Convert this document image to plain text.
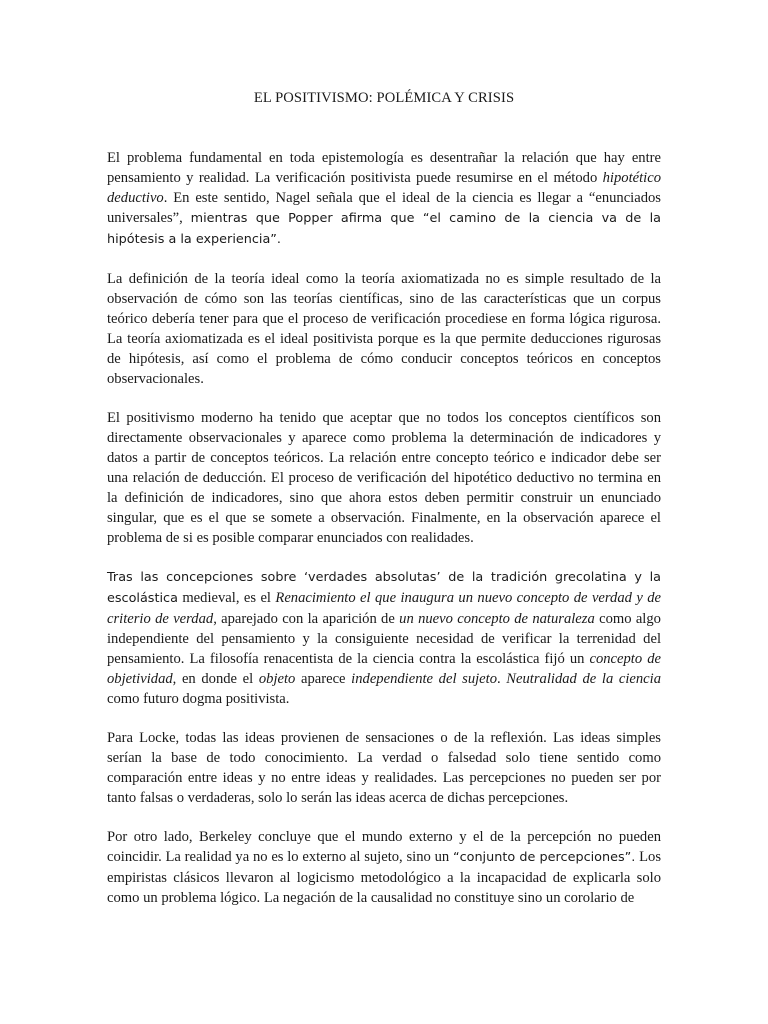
EL POSITIVISMO: POLÉMICA Y CRISIS

El problema fundamental en toda epistemología es desentrañar la relación que hay entre pensamiento y realidad. La verificación positivista puede resumirse en el método hipotético deductivo. En este sentido, Nagel señala que el ideal de la ciencia es llegar a “enunciados universales”, mientras que Popper afirma que “el camino de la ciencia va de la hipótesis a la experiencia”.

La definición de la teoría ideal como la teoría axiomatizada no es simple resultado de la observación de cómo son las teorías científicas, sino de las características que un corpus teórico debería tener para que el proceso de verificación procediese en forma lógica rigurosa. La teoría axiomatizada es el ideal positivista porque es la que permite deducciones rigurosas de hipótesis, así como el problema de cómo conducir conceptos teóricos en conceptos observacionales.

El positivismo moderno ha tenido que aceptar que no todos los conceptos científicos son directamente observacionales y aparece como problema la determinación de indicadores y datos a partir de conceptos teóricos. La relación entre concepto teórico e indicador debe ser una relación de deducción. El proceso de verificación del hipotético deductivo no termina en la definición de indicadores, sino que ahora estos deben permitir construir un enunciado singular, que es el que se somete a observación. Finalmente, en la observación aparece el problema de si es posible comparar enunciados con realidades.

Tras las concepciones sobre ‘verdades absolutas’ de la tradición grecolatina y la escolástica medieval, es el Renacimiento el que inaugura un nuevo concepto de verdad y de criterio de verdad, aparejado con la aparición de un nuevo concepto de naturaleza como algo independiente del pensamiento y la consiguiente necesidad de verificar la terrenidad del pensamiento. La filosofía renacentista de la ciencia contra la escolástica fijó un concepto de objetividad, en donde el objeto aparece independiente del sujeto. Neutralidad de la ciencia como futuro dogma positivista.

Para Locke, todas las ideas provienen de sensaciones o de la reflexión. Las ideas simples serían la base de todo conocimiento. La verdad o falsedad solo tiene sentido como comparación entre ideas y no entre ideas y realidades. Las percepciones no pueden ser por tanto falsas o verdaderas, solo lo serán las ideas acerca de dichas percepciones.

Por otro lado, Berkeley concluye que el mundo externo y el de la percepción no pueden coincidir. La realidad ya no es lo externo al sujeto, sino un “conjunto de percepciones”. Los empiristas clásicos llevaron al logicismo metodológico a la incapacidad de explicarla solo como un problema lógico. La negación de la causalidad no constituye sino un corolario de
